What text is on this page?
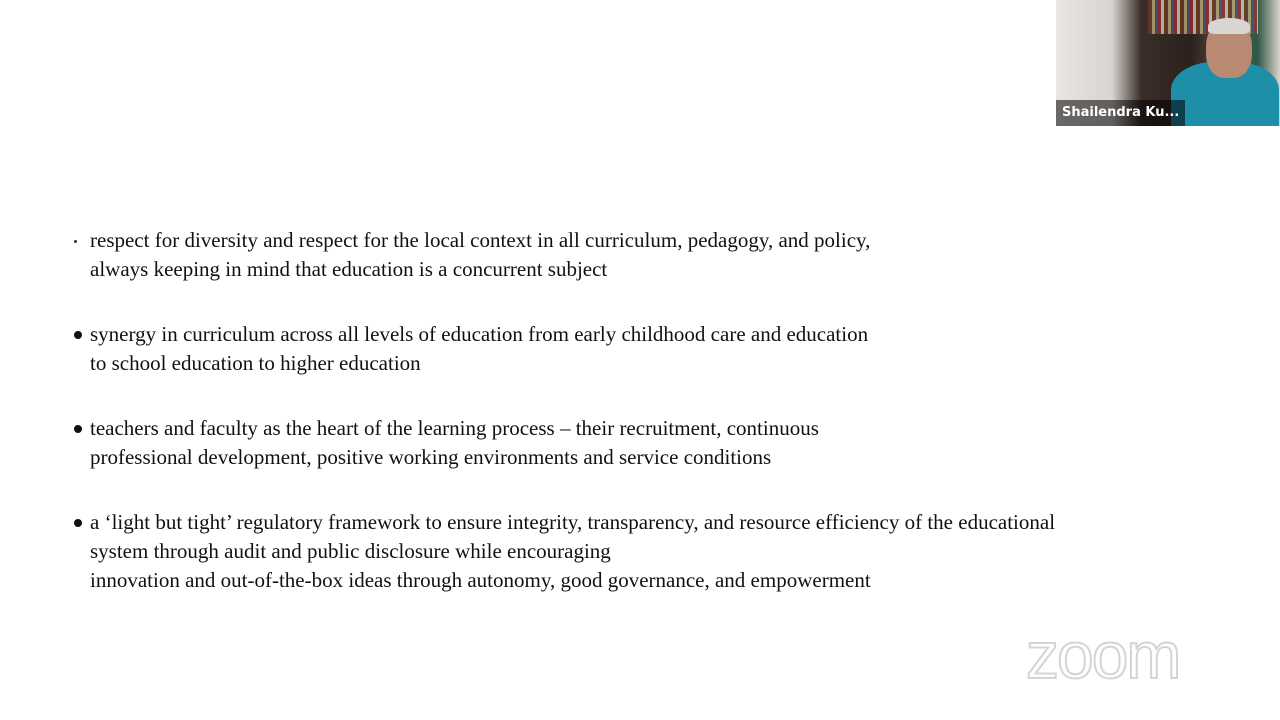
respect for diversity and respect for the local context in all curriculum, pedagogy, and policy,
always keeping in mind that education is a concurrent subject
synergy in curriculum across all levels of education from early childhood care and education
to school education to higher education
teachers and faculty as the heart of the learning process – their recruitment, continuous
professional development, positive working environments and service conditions
a ‘light but tight’ regulatory framework to ensure integrity, transparency, and resource efficiency of the educational
system through audit and public disclosure while encouraging
innovation and out-of-the-box ideas through autonomy, good governance, and empowerment
Shailendra Ku...
zoom
